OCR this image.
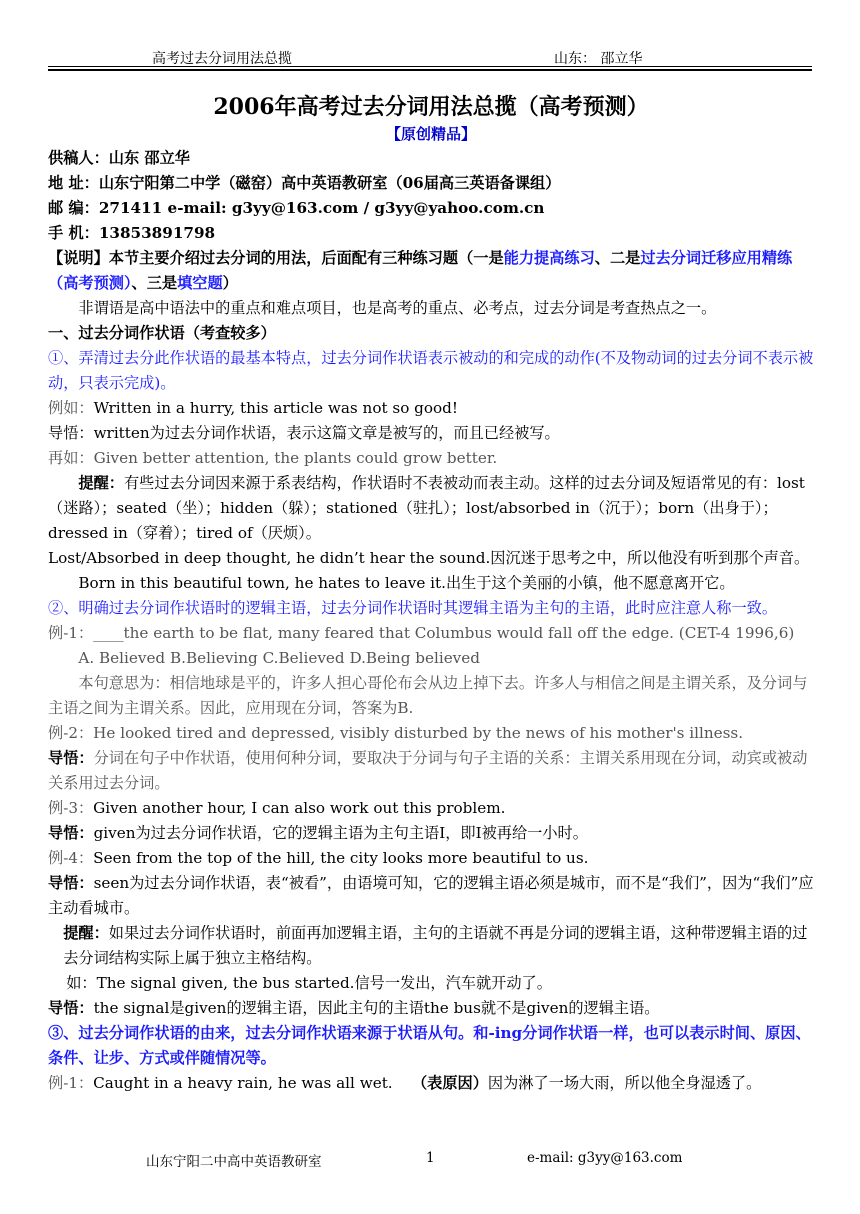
高考过去分词用法总揽	山东： 邵立华

2006年高考过去分词用法总揽（高考预测）

【原创精品】

供稿人：山东 邵立华

地 址：山东宁阳第二中学（磁窑）高中英语教研室（06届高三英语备课组）

邮 编：271411 e-mail: g3yy@163.com / g3yy@yahoo.com.cn

手 机：13853891798

【说明】本节主要介绍过去分词的用法，后面配有三种练习题（一是能力提高练习、二是过去分词迁移应用精练（高考预测）、三是填空题）

非谓语是高中语法中的重点和难点项目，也是高考的重点、必考点，过去分词是考查热点之一。

一、过去分词作状语（考查较多）

①、弄清过去分此作状语的最基本特点，过去分词作状语表示被动的和完成的动作(不及物动词的过去分词不表示被动，只表示完成)。

例如：Written in a hurry, this article was not so good!

导悟：written为过去分词作状语，表示这篇文章是被写的，而且已经被写。

再如：Given better attention, the plants could grow better.

提醒：有些过去分词因来源于系表结构，作状语时不表被动而表主动。这样的过去分词及短语常见的有：lost（迷路）；seated（坐）；hidden（躲）；stationed（驻扎）；lost/absorbed in（沉于）；born（出身于）；dressed in（穿着）；tired of（厌烦）。

Lost/Absorbed in deep thought, he didn’t hear the sound.因沉迷于思考之中，所以他没有听到那个声音。

Born in this beautiful town, he hates to leave it.出生于这个美丽的小镇，他不愿意离开它。

②、明确过去分词作状语时的逻辑主语，过去分词作状语时其逻辑主语为主句的主语，此时应注意人称一致。

例-1：____the earth to be flat, many feared that Columbus would fall off the edge. (CET-4 1996,6)

A. Believed B.Believing C.Believed D.Being believed

本句意思为：相信地球是平的，许多人担心哥伦布会从边上掉下去。许多人与相信之间是主谓关系，及分词与主语之间为主谓关系。因此，应用现在分词，答案为B.

例-2：He looked tired and depressed, visibly disturbed by the news of his mother's illness.

导悟：分词在句子中作状语，使用何种分词，要取决于分词与句子主语的关系：主谓关系用现在分词，动宾或被动关系用过去分词。

例-3：Given another hour, I can also work out this problem.

导悟：given为过去分词作状语，它的逻辑主语为主句主语I，即I被再给一小时。

例-4：Seen from the top of the hill, the city looks more beautiful to us.

导悟：seen为过去分词作状语，表“被看”，由语境可知，它的逻辑主语必须是城市，而不是“我们”，因为“我们”应主动看城市。

提醒：如果过去分词作状语时，前面再加逻辑主语，主句的主语就不再是分词的逻辑主语，这种带逻辑主语的过去分词结构实际上属于独立主格结构。

如：The signal given, the bus started.信号一发出，汽车就开动了。

导悟：the signal是given的逻辑主语，因此主句的主语the bus就不是given的逻辑主语。

③、过去分词作状语的由来，过去分词作状语来源于状语从句。和-ing分词作状语一样，也可以表示时间、原因、条件、让步、方式或伴随情况等。

例-1：Caught in a heavy rain, he was all wet. （表原因）因为淋了一场大雨，所以他全身湿透了。

山东宁阳二中高中英语教研室	1	e-mail: g3yy@163.com
